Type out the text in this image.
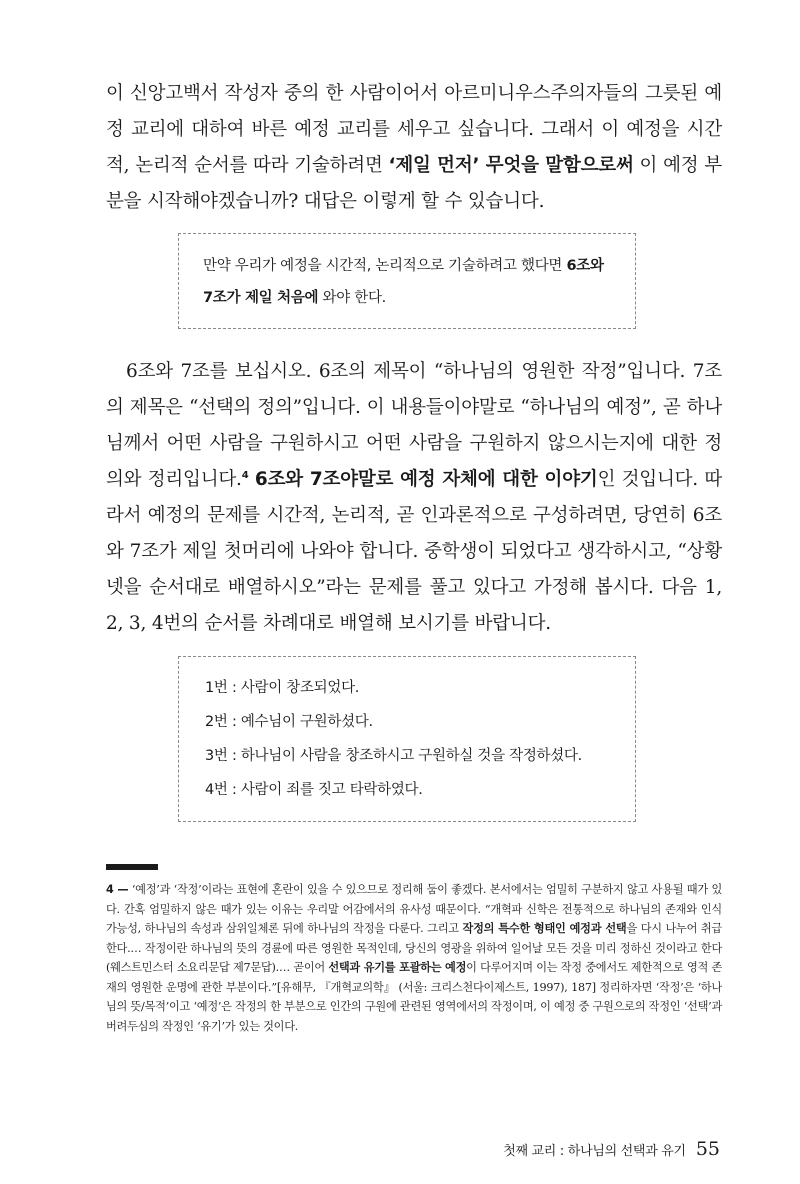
이 신앙고백서 작성자 중의 한 사람이어서 아르미니우스주의자들의 그릇된 예정 교리에 대하여 바른 예정 교리를 세우고 싶습니다. 그래서 이 예정을 시간적, 논리적 순서를 따라 기술하려면 ‘제일 먼저’ 무엇을 말함으로써 이 예정 부분을 시작해야겠습니까? 대답은 이렇게 할 수 있습니다.

만약 우리가 예정을 시간적, 논리적으로 기술하려고 했다면 6조와 7조가 제일 처음에 와야 한다.

6조와 7조를 보십시오. 6조의 제목이 “하나님의 영원한 작정”입니다. 7조의 제목은 “선택의 정의”입니다. 이 내용들이야말로 “하나님의 예정”, 곧 하나님께서 어떤 사람을 구원하시고 어떤 사람을 구원하지 않으시는지에 대한 정의와 정리입니다.$^4$ 6조와 7조야말로 예정 자체에 대한 이야기인 것입니다. 따라서 예정의 문제를 시간적, 논리적, 곧 인과론적으로 구성하려면, 당연히 6조와 7조가 제일 첫머리에 나와야 합니다. 중학생이 되었다고 생각하시고, “상황 넷을 순서대로 배열하시오”라는 문제를 풀고 있다고 가정해 봅시다. 다음 1, 2, 3, 4번의 순서를 차례대로 배열해 보시기를 바랍니다.

1번 : 사람이 창조되었다.
2번 : 예수님이 구원하셨다.
3번 : 하나님이 사람을 창조하시고 구원하실 것을 작정하셨다.
4번 : 사람이 죄를 짓고 타락하였다.

4 — ‘예정’과 ‘작정’이라는 표현에 혼란이 있을 수 있으므로 정리해 둠이 좋겠다. 본서에서는 엄밀히 구분하지 않고 사용될 때가 있다. 간혹 엄밀하지 않은 때가 있는 이유는 우리말 어감에서의 유사성 때문이다. “개혁파 신학은 전통적으로 하나님의 존재와 인식 가능성, 하나님의 속성과 삼위일체론 뒤에 하나님의 작정을 다룬다. 그리고 작정의 특수한 형태인 예정과 선택을 다시 나누어 취급한다.… 작정이란 하나님의 뜻의 경륜에 따른 영원한 목적인데, 당신의 영광을 위하여 일어날 모든 것을 미리 정하신 것이라고 한다(웨스트민스터 소요리문답 제7문답).… 곧이어 선택과 유기를 포괄하는 예정이 다루어지며 이는 작정 중에서도 제한적으로 영적 존재의 영원한 운명에 관한 부분이다.”[유해무, 『개혁교의학』 (서울: 크리스천다이제스트, 1997), 187] 정리하자면 ‘작정’은 ‘하나님의 뜻/목적’이고 ‘예정’은 작정의 한 부분으로 인간의 구원에 관련된 영역에서의 작정이며, 이 예정 중 구원으로의 작정인 ‘선택’과 버려두심의 작정인 ‘유기’가 있는 것이다.

첫째 교리 : 하나님의 선택과 유기 55
